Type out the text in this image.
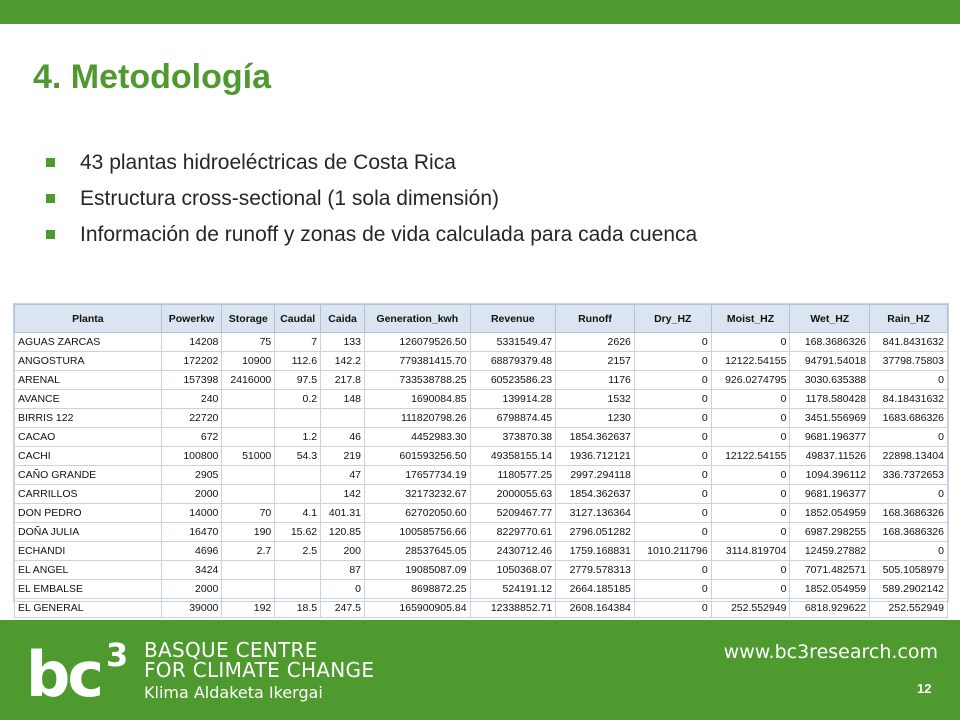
4. Metodología
43 plantas hidroeléctricas de Costa Rica
Estructura cross-sectional (1 sola dimensión)
Información de runoff y zonas de vida calculada para cada cuenca
Planta	Powerkw	Storage	Caudal	Caida	Generation_kwh	Revenue	Runoff	Dry_HZ	Moist_HZ	Wet_HZ	Rain_HZ
AGUAS ZARCAS	14208	75	7	133	126079526.50	5331549.47	2626	0	0	168.3686326	841.8431632
ANGOSTURA	172202	10900	112.6	142.2	779381415.70	68879379.48	2157	0	12122.54155	94791.54018	37798.75803
ARENAL	157398	2416000	97.5	217.8	733538788.25	60523586.23	1176	0	926.0274795	3030.635388	0
AVANCE	240		0.2	148	1690084.85	139914.28	1532	0	0	1178.580428	84.18431632
BIRRIS 122	22720				111820798.26	6798874.45	1230	0	0	3451.556969	1683.686326
CACAO	672		1.2	46	4452983.30	373870.38	1854.362637	0	0	9681.196377	0
CACHI	100800	51000	54.3	219	601593256.50	49358155.14	1936.712121	0	12122.54155	49837.11526	22898.13404
CAÑO GRANDE	2905			47	17657734.19	1180577.25	2997.294118	0	0	1094.396112	336.7372653
CARRILLOS	2000			142	32173232.67	2000055.63	1854.362637	0	0	9681.196377	0
DON PEDRO	14000	70	4.1	401.31	62702050.60	5209467.77	3127.136364	0	0	1852.054959	168.3686326
DOÑA JULIA	16470	190	15.62	120.85	100585756.66	8229770.61	2796.051282	0	0	6987.298255	168.3686326
ECHANDI	4696	2.7	2.5	200	28537645.05	2430712.46	1759.168831	1010.211796	3114.819704	12459.27882	0
EL ANGEL	3424			87	19085087.09	1050368.07	2779.578313	0	0	7071.482571	505.1058979
EL EMBALSE	2000			0	8698872.25	524191.12	2664.185185	0	0	1852.054959	589.2902142
EL GENERAL	39000	192	18.5	247.5	165900905.84	12338852.71	2608.164384	0	252.552949	6818.929622	252.552949
bc 3 BASQUE CENTRE
FOR CLIMATE CHANGE
Klima Aldaketa Ikergai
www.bc3research.com
12
